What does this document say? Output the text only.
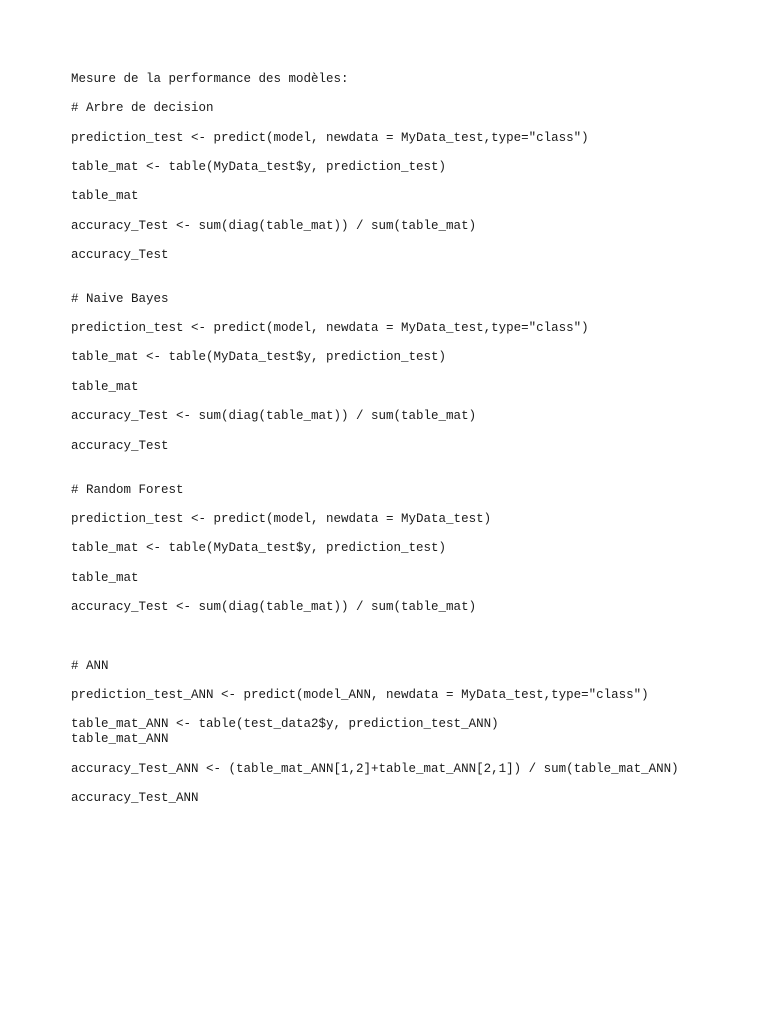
Mesure de la performance des modèles:
# Arbre de decision
prediction_test <- predict(model, newdata = MyData_test,type="class")
table_mat <- table(MyData_test$y, prediction_test)
table_mat
accuracy_Test <- sum(diag(table_mat)) / sum(table_mat)
accuracy_Test
# Naive Bayes
prediction_test <- predict(model, newdata = MyData_test,type="class")
table_mat <- table(MyData_test$y, prediction_test)
table_mat
accuracy_Test <- sum(diag(table_mat)) / sum(table_mat)
accuracy_Test
# Random Forest
prediction_test <- predict(model, newdata = MyData_test)
table_mat <- table(MyData_test$y, prediction_test)
table_mat
accuracy_Test <- sum(diag(table_mat)) / sum(table_mat)
# ANN
prediction_test_ANN <- predict(model_ANN, newdata = MyData_test,type="class")
table_mat_ANN <- table(test_data2$y, prediction_test_ANN)
table_mat_ANN
accuracy_Test_ANN <- (table_mat_ANN[1,2]+table_mat_ANN[2,1]) / sum(table_mat_ANN)
accuracy_Test_ANN
